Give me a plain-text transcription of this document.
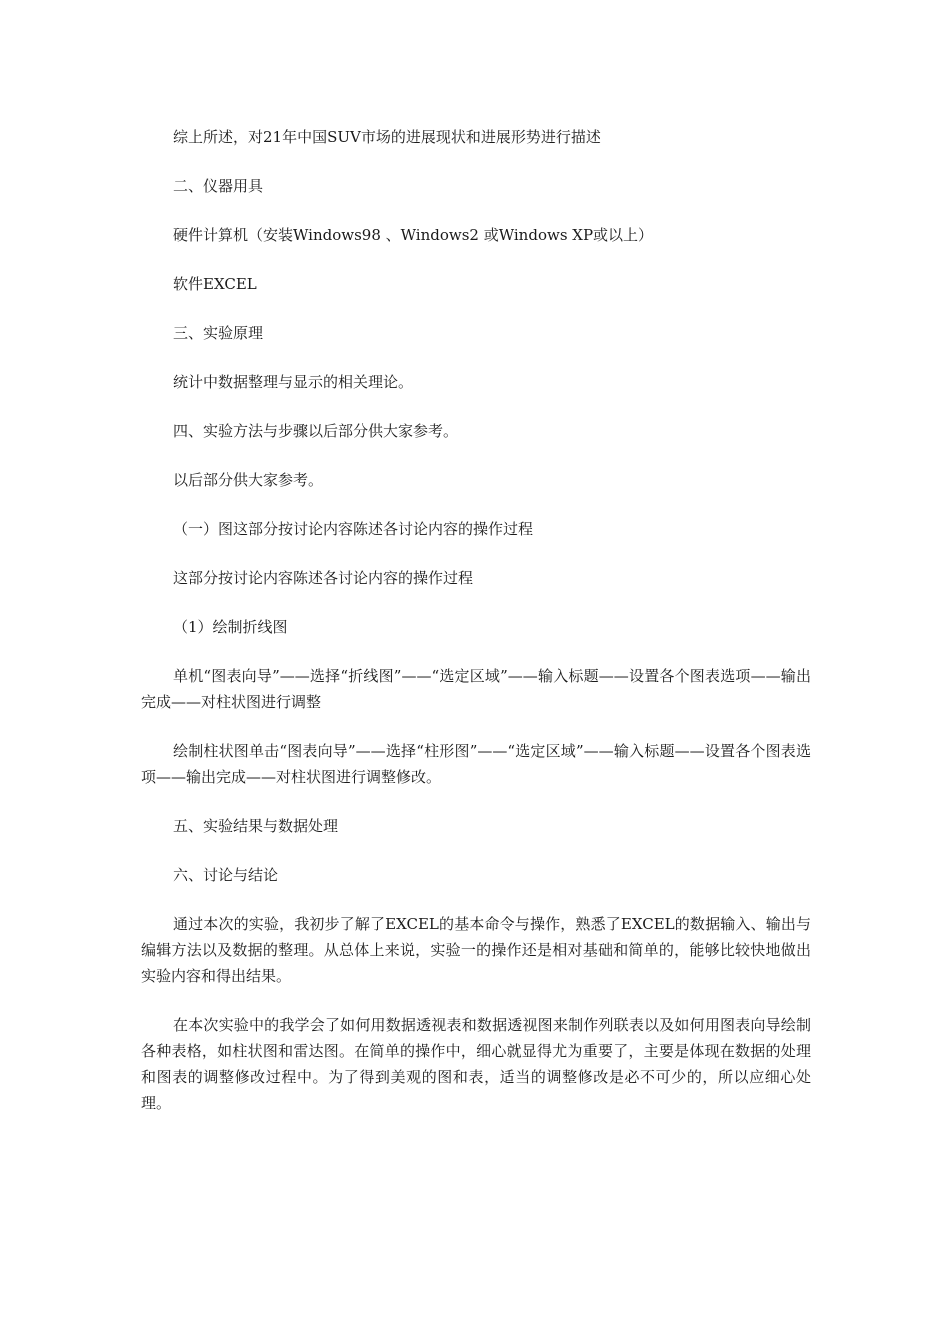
综上所述，对21年中国SUV市场的进展现状和进展形势进行描述

二、仪器用具

硬件计算机（安装Windows98 、Windows2 或Windows XP或以上）

软件EXCEL

三、实验原理

统计中数据整理与显示的相关理论。

四、实验方法与步骤以后部分供大家参考。

以后部分供大家参考。

（一）图这部分按讨论内容陈述各讨论内容的操作过程

这部分按讨论内容陈述各讨论内容的操作过程

（1）绘制折线图

单机“图表向导”——选择“折线图”——“选定区域”——输入标题——设置各个图表选项——输出完成——对柱状图进行调整

绘制柱状图单击“图表向导”——选择“柱形图”——“选定区域”——输入标题——设置各个图表选项——输出完成——对柱状图进行调整修改。

五、实验结果与数据处理

六、讨论与结论

通过本次的实验，我初步了解了EXCEL的基本命令与操作，熟悉了EXCEL的数据输入、输出与编辑方法以及数据的整理。从总体上来说，实验一的操作还是相对基础和简单的，能够比较快地做出实验内容和得出结果。

在本次实验中的我学会了如何用数据透视表和数据透视图来制作列联表以及如何用图表向导绘制各种表格，如柱状图和雷达图。在简单的操作中，细心就显得尤为重要了，主要是体现在数据的处理和图表的调整修改过程中。为了得到美观的图和表，适当的调整修改是必不可少的，所以应细心处理。
